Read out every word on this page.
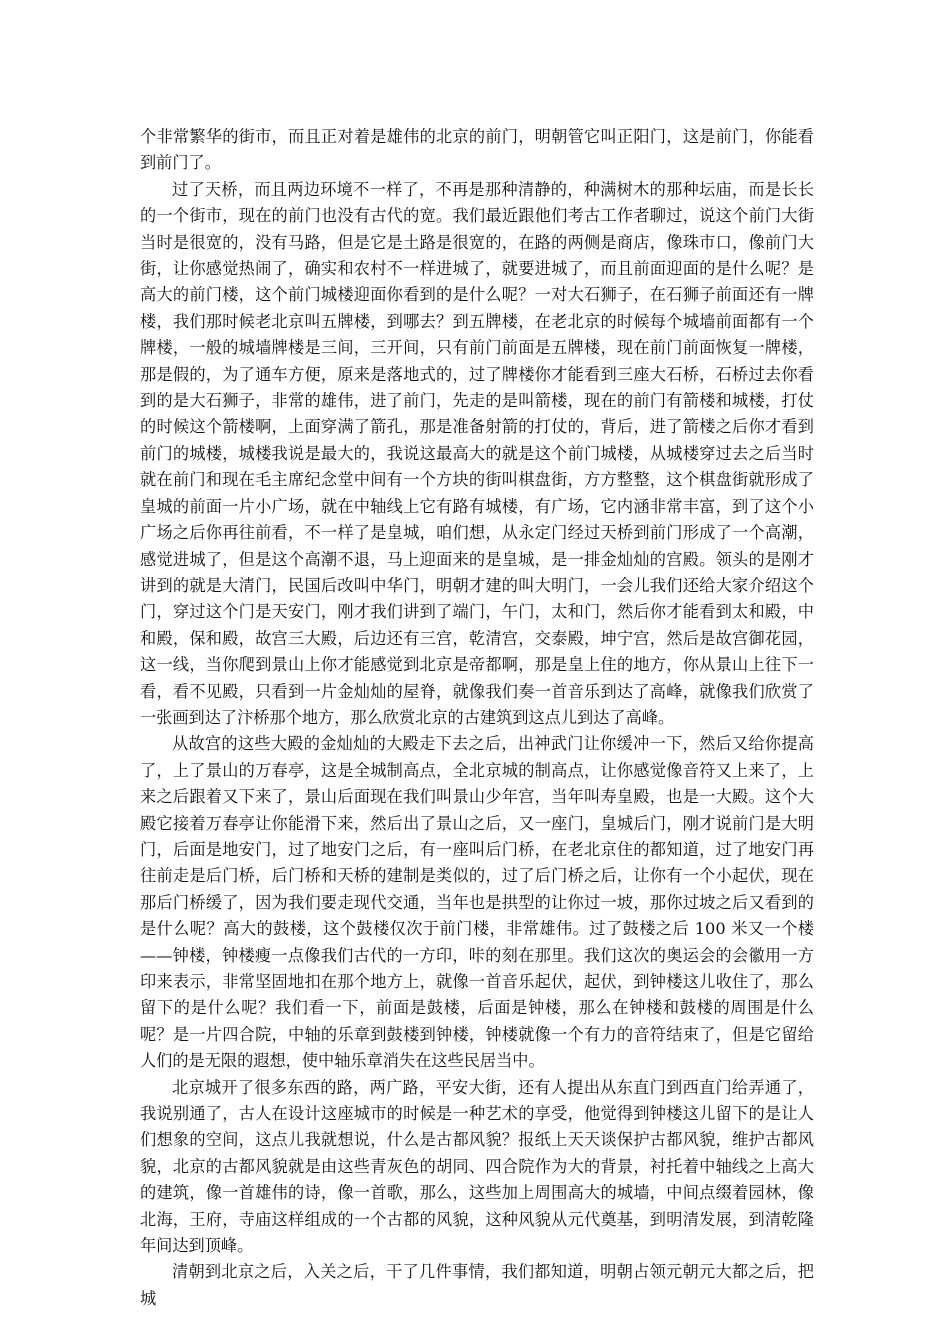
个非常繁华的街市，而且正对着是雄伟的北京的前门，明朝管它叫正阳门，这是前门，你能看到前门了。

过了天桥，而且两边环境不一样了，不再是那种清静的，种满树木的那种坛庙，而是长长的一个街市，现在的前门也没有古代的宽。我们最近跟他们考古工作者聊过，说这个前门大街当时是很宽的，没有马路，但是它是土路是很宽的，在路的两侧是商店，像珠市口，像前门大街，让你感觉热闹了，确实和农村不一样进城了，就要进城了，而且前面迎面的是什么呢？是高大的前门楼，这个前门城楼迎面你看到的是什么呢？一对大石狮子，在石狮子前面还有一牌楼，我们那时候老北京叫五牌楼，到哪去？到五牌楼，在老北京的时候每个城墙前面都有一个牌楼，一般的城墙牌楼是三间，三开间，只有前门前面是五牌楼，现在前门前面恢复一牌楼，那是假的，为了通车方便，原来是落地式的，过了牌楼你才能看到三座大石桥，石桥过去你看到的是大石狮子，非常的雄伟，进了前门，先走的是叫箭楼，现在的前门有箭楼和城楼，打仗的时候这个箭楼啊，上面穿满了箭孔，那是准备射箭的打仗的，背后，进了箭楼之后你才看到前门的城楼，城楼我说是最大的，我说这最高大的就是这个前门城楼，从城楼穿过去之后当时就在前门和现在毛主席纪念堂中间有一个方块的街叫棋盘街，方方整整，这个棋盘街就形成了皇城的前面一片小广场，就在中轴线上它有路有城楼，有广场，它内涵非常丰富，到了这个小广场之后你再往前看，不一样了是皇城，咱们想，从永定门经过天桥到前门形成了一个高潮，感觉进城了，但是这个高潮不退，马上迎面来的是皇城，是一排金灿灿的宫殿。领头的是刚才讲到的就是大清门，民国后改叫中华门，明朝才建的叫大明门，一会儿我们还给大家介绍这个门，穿过这个门是天安门，刚才我们讲到了端门，午门，太和门，然后你才能看到太和殿，中和殿，保和殿，故宫三大殿，后边还有三宫，乾清宫，交泰殿，坤宁宫，然后是故宫御花园，这一线，当你爬到景山上你才能感觉到北京是帝都啊，那是皇上住的地方，你从景山上往下一看，看不见殿，只看到一片金灿灿的屋脊，就像我们奏一首音乐到达了高峰，就像我们欣赏了一张画到达了汴桥那个地方，那么欣赏北京的古建筑到这点儿到达了高峰。

从故宫的这些大殿的金灿灿的大殿走下去之后，出神武门让你缓冲一下，然后又给你提高了，上了景山的万春亭，这是全城制高点，全北京城的制高点，让你感觉像音符又上来了，上来之后跟着又下来了，景山后面现在我们叫景山少年宫，当年叫寿皇殿，也是一大殿。这个大殿它接着万春亭让你能滑下来，然后出了景山之后，又一座门，皇城后门，刚才说前门是大明门，后面是地安门，过了地安门之后，有一座叫后门桥，在老北京住的都知道，过了地安门再往前走是后门桥，后门桥和天桥的建制是类似的，过了后门桥之后，让你有一个小起伏，现在那后门桥缓了，因为我们要走现代交通，当年也是拱型的让你过一坡，那你过坡之后又看到的是什么呢？高大的鼓楼，这个鼓楼仅次于前门楼，非常雄伟。过了鼓楼之后 100 米又一个楼——钟楼，钟楼瘦一点像我们古代的一方印，咔的刻在那里。我们这次的奥运会的会徽用一方印来表示，非常坚固地扣在那个地方上，就像一首音乐起伏，起伏，到钟楼这儿收住了，那么留下的是什么呢？我们看一下，前面是鼓楼，后面是钟楼，那么在钟楼和鼓楼的周围是什么呢？是一片四合院，中轴的乐章到鼓楼到钟楼，钟楼就像一个有力的音符结束了，但是它留给人们的是无限的遐想，使中轴乐章消失在这些民居当中。

北京城开了很多东西的路，两广路，平安大街，还有人提出从东直门到西直门给弄通了，我说别通了，古人在设计这座城市的时候是一种艺术的享受，他觉得到钟楼这儿留下的是让人们想象的空间，这点儿我就想说，什么是古都风貌？报纸上天天谈保护古都风貌，维护古都风貌，北京的古都风貌就是由这些青灰色的胡同、四合院作为大的背景，衬托着中轴线之上高大的建筑，像一首雄伟的诗，像一首歌，那么，这些加上周围高大的城墙，中间点缀着园林，像北海，王府，寺庙这样组成的一个古都的风貌，这种风貌从元代奠基，到明清发展，到清乾隆年间达到顶峰。

清朝到北京之后，入关之后，干了几件事情，我们都知道，明朝占领元朝元大都之后，把城
